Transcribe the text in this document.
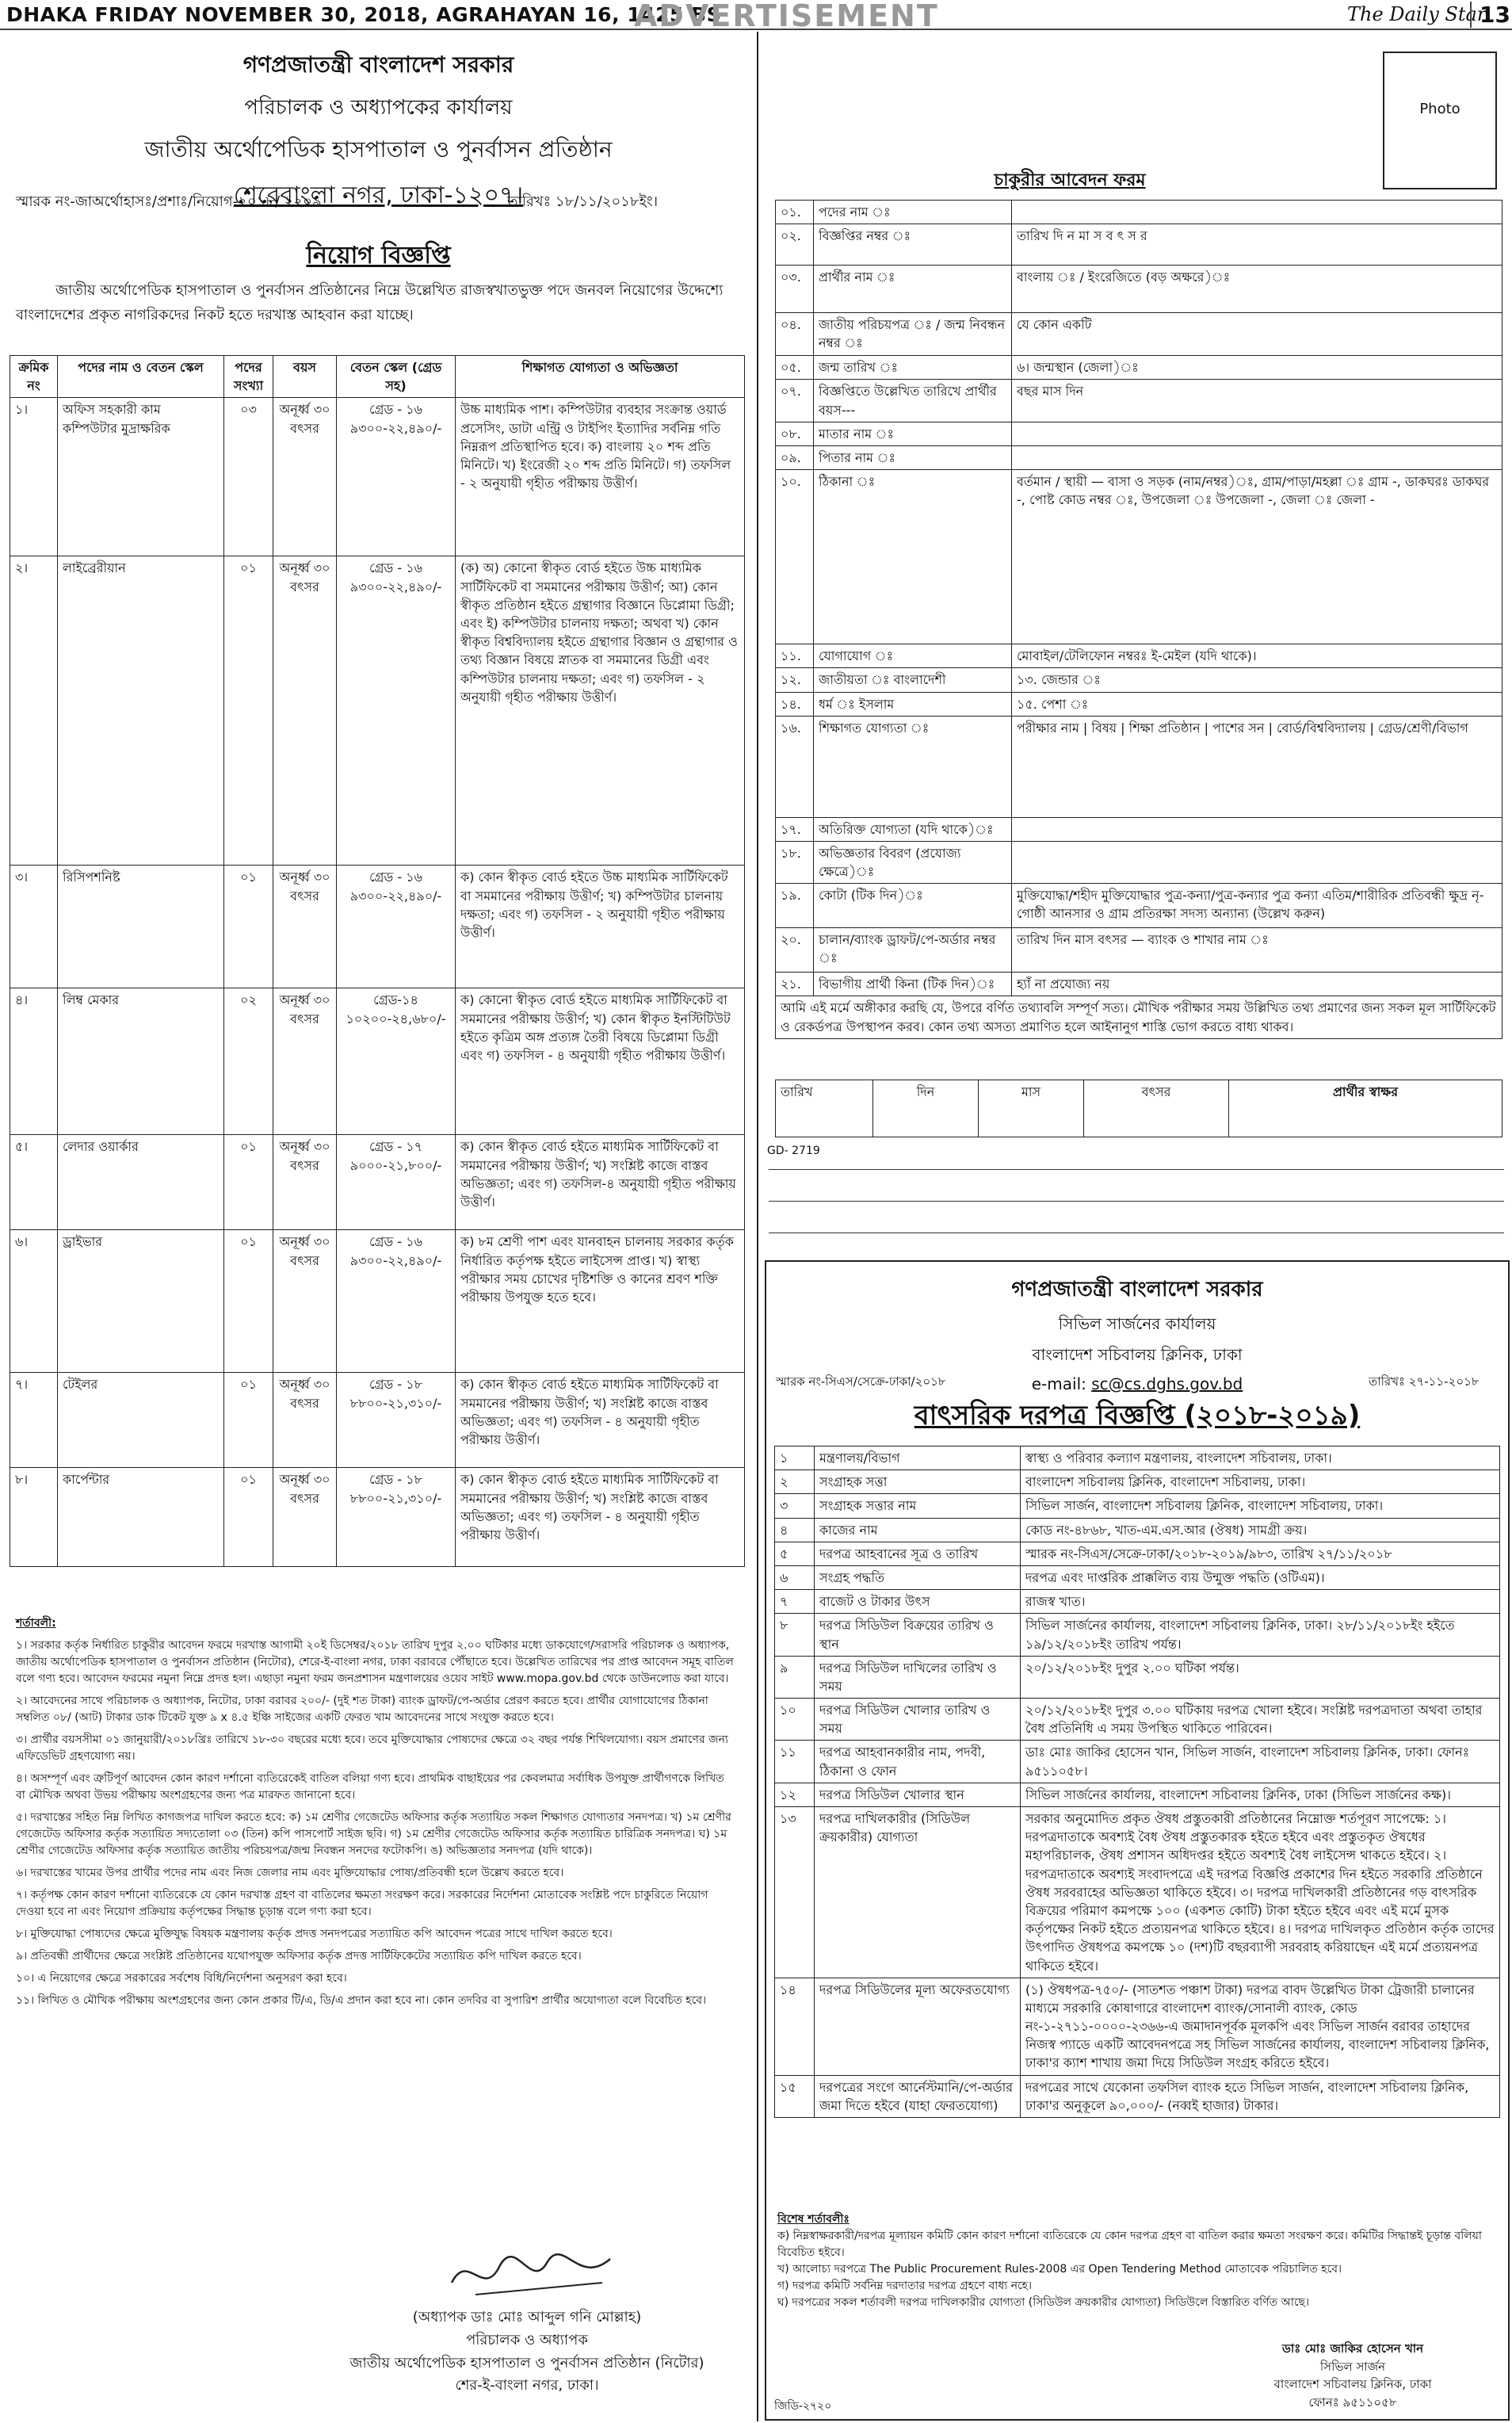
DHAKA FRIDAY NOVEMBER 30, 2018, AGRAHAYAN 16, 1425 BS
ADVERTISEMENT	The Daily Star
13
গণপ্রজাতন্ত্রী বাংলাদেশ সরকার
পরিচালক ও অধ্যাপকের কার্যালয়
জাতীয় অর্থোপেডিক হাসপাতাল ও পুনর্বাসন প্রতিষ্ঠান
শেরেবাংলা নগর, ঢাকা-১২০৭।
স্মারক নং-জাঅর্থোহাসঃ/প্রশাঃ/নিয়োগ-২০১৮/ ২২০৯	তারিখঃ ১৮/১১/২০১৮ইং।
নিয়োগ বিজ্ঞপ্তি
জাতীয় অর্থোপেডিক হাসপাতাল ও পুনর্বাসন প্রতিষ্ঠানের নিম্নে উল্লেখিত রাজস্বখাতভুক্ত পদে জনবল নিয়োগের উদ্দেশ্যে বাংলাদেশের প্রকৃত নাগরিকদের নিকট হতে দরখাস্ত আহবান করা যাচ্ছে।
ক্রমিক নং	পদের নাম ও বেতন স্কেল	পদের সংখ্যা	বয়স	বেতন স্কেল (গ্রেড সহ)	শিক্ষাগত যোগ্যতা ও অভিজ্ঞতা
১।	অফিস সহকারী কাম কম্পিউটার মুদ্রাক্ষরিক	০৩	অনূর্ধ্ব ৩০ বৎসর	গ্রেড - ১৬ ৯৩০০-২২,৪৯০/-	উচ্চ মাধ্যমিক পাশ। কম্পিউটার ব্যবহার সংক্রান্ত ওয়ার্ড প্রসেসিং, ডাটা এন্ট্রি ও টাইপিং ইত্যাদির সর্বনিম্ন গতি নিম্নরূপ প্রতিস্থাপিত হবে। ক) বাংলায় ২০ শব্দ প্রতি মিনিটে। খ) ইংরেজী ২০ শব্দ প্রতি মিনিটে। গ) তফসিল - ২ অনুযায়ী গৃহীত পরীক্ষায় উত্তীর্ণ।
২।	লাইব্রেরীয়ান	০১	অনূর্ধ্ব ৩০ বৎসর	গ্রেড - ১৬ ৯৩০০-২২,৪৯০/-	(ক) অ) কোনো স্বীকৃত বোর্ড হইতে উচ্চ মাধ্যমিক সার্টিফিকেট বা সমমানের পরীক্ষায় উত্তীর্ণ; আ) কোন স্বীকৃত প্রতিষ্ঠান হইতে গ্রন্থাগার বিজ্ঞানে ডিপ্লোমা ডিগ্রী; এবং ই) কম্পিউটার চালনায় দক্ষতা; অথবা খ) কোন স্বীকৃত বিশ্ববিদ্যালয় হইতে গ্রন্থাগার বিজ্ঞান ও গ্রন্থাগার ও তথ্য বিজ্ঞান বিষয়ে স্নাতক বা সমমানের ডিগ্রী এবং কম্পিউটার চালনায় দক্ষতা; এবং গ) তফসিল - ২ অনুযায়ী গৃহীত পরীক্ষায় উত্তীর্ণ।
৩।	রিসিপশনিষ্ট	০১	অনূর্ধ্ব ৩০ বৎসর	গ্রেড - ১৬ ৯৩০০-২২,৪৯০/-	ক) কোন স্বীকৃত বোর্ড হইতে উচ্চ মাধ্যমিক সার্টিফিকেট বা সমমানের পরীক্ষায় উত্তীর্ণ; খ) কম্পিউটার চালনায় দক্ষতা; এবং গ) তফসিল - ২ অনুযায়ী গৃহীত পরীক্ষায় উত্তীর্ণ।
৪।	লিম্ব মেকার	০২	অনূর্ধ্ব ৩০ বৎসর	গ্রেড-১৪ ১০২০০-২৪,৬৮০/-	ক) কোনো স্বীকৃত বোর্ড হইতে মাধ্যমিক সার্টিফিকেট বা সমমানের পরীক্ষায় উত্তীর্ণ; খ) কোন স্বীকৃত ইনস্টিটিউট হইতে কৃত্রিম অঙ্গ প্রত্যঙ্গ তৈরী বিষয়ে ডিপ্লোমা ডিগ্রী এবং গ) তফসিল - ৪ অনুযায়ী গৃহীত পরীক্ষায় উত্তীর্ণ।
৫।	লেদার ওয়ার্কার	০১	অনূর্ধ্ব ৩০ বৎসর	গ্রেড - ১৭ ৯০০০-২১,৮০০/-	ক) কোন স্বীকৃত বোর্ড হইতে মাধ্যমিক সার্টিফিকেট বা সমমানের পরীক্ষায় উত্তীর্ণ; খ) সংশ্লিষ্ট কাজে বাস্তব অভিজ্ঞতা; এবং গ) তফসিল-৪ অনুযায়ী গৃহীত পরীক্ষায় উত্তীর্ণ।
৬।	ড্রাইভার	০১	অনূর্ধ্ব ৩০ বৎসর	গ্রেড - ১৬ ৯৩০০-২২,৪৯০/-	ক) ৮ম শ্রেণী পাশ এবং যানবাহন চালনায় সরকার কর্তৃক নির্ধারিত কর্তৃপক্ষ হইতে লাইসেন্স প্রাপ্ত। খ) স্বাস্থ্য পরীক্ষার সময় চোখের দৃষ্টিশক্তি ও কানের শ্রবণ শক্তি পরীক্ষায় উপযুক্ত হতে হবে।
৭।	টেইলর	০১	অনূর্ধ্ব ৩০ বৎসর	গ্রেড - ১৮ ৮৮০০-২১,৩১০/-	ক) কোন স্বীকৃত বোর্ড হইতে মাধ্যমিক সার্টিফিকেট বা সমমানের পরীক্ষায় উত্তীর্ণ; খ) সংশ্লিষ্ট কাজে বাস্তব অভিজ্ঞতা; এবং গ) তফসিল - ৪ অনুযায়ী গৃহীত পরীক্ষায় উত্তীর্ণ।
৮।	কার্পেন্টার	০১	অনূর্ধ্ব ৩০ বৎসর	গ্রেড - ১৮ ৮৮০০-২১,৩১০/-	ক) কোন স্বীকৃত বোর্ড হইতে মাধ্যমিক সার্টিফিকেট বা সমমানের পরীক্ষায় উত্তীর্ণ; খ) সংশ্লিষ্ট কাজে বাস্তব অভিজ্ঞতা; এবং গ) তফসিল - ৪ অনুযায়ী গৃহীত পরীক্ষায় উত্তীর্ণ।
শর্তাবলী:
১। সরকার কর্তৃক নির্ধারিত চাকুরীর আবেদন ফরমে দরখাস্ত আগামী ২০ই ডিসেম্বর/২০১৮ তারিখ দুপুর ২.০০ ঘটিকার মধ্যে ডাকযোগে/সরাসরি পরিচালক ও অধ্যাপক, জাতীয় অর্থোপেডিক হাসপাতাল ও পুনর্বাসন প্রতিষ্ঠান (নিটোর), শেরে-ই-বাংলা নগর, ঢাকা বরাবরে পৌঁছাতে হবে। উল্লেখিত তারিখের পর প্রাপ্ত আবেদন সমূহ বাতিল বলে গণ্য হবে। আবেদন ফরমের নমুনা নিম্নে প্রদত্ত হল। এছাড়া নমুনা ফরম জনপ্রশাসন মন্ত্রণালয়ের ওয়েব সাইট www.mopa.gov.bd থেকে ডাউনলোড করা যাবে।
২। আবেদনের সাথে পরিচালক ও অধ্যাপক, নিটোর, ঢাকা বরাবর ২০০/- (দুই শত টাকা) ব্যাংক ড্রাফট/পে-অর্ডার প্রেরণ করতে হবে। প্রার্থীর যোগাযোগের ঠিকানা সম্বলিত ০৮/ (আট) টাকার ডাক টিকেট যুক্ত ৯ x ৪.৫ ইঞ্চি সাইজের একটি ফেরত খাম আবেদনের সাথে সংযুক্ত করতে হবে।
৩। প্রার্থীর বয়সসীমা ০১ জানুয়ারী/২০১৮খ্রিঃ তারিখে ১৮-৩০ বছরের মধ্যে হবে। তবে মুক্তিযোদ্ধার পোষ্যদের ক্ষেত্রে ৩২ বছর পর্যন্ত শিথিলযোগ্য। বয়স প্রমাণের জন্য এফিডেভিট গ্রহণযোগ্য নয়।
৪। অসম্পূর্ণ এবং ত্রুটিপূর্ণ আবেদন কোন কারণ দর্শানো ব্যতিরেকেই বাতিল বলিয়া গণ্য হবে। প্রাথমিক বাছাইয়ের পর কেবলমাত্র সর্বাধিক উপযুক্ত প্রার্থীগণকে লিখিত বা মৌখিক অথবা উভয় পরীক্ষায় অংশগ্রহণের জন্য পত্র মারফত জানানো হবে।
৫। দরখাস্তের সহিত নিম্ন লিখিত কাগজপত্র দাখিল করতে হবে: ক) ১ম শ্রেণীর গেজেটেড অফিসার কর্তৃক সত্যায়িত সকল শিক্ষাগত যোগ্যতার সনদপত্র। খ) ১ম শ্রেণীর গেজেটেড অফিসার কর্তৃক সত্যায়িত সদ্যতোলা ০৩ (তিন) কপি পাসপোর্ট সাইজ ছবি। গ) ১ম শ্রেণীর গেজেটেড অফিসার কর্তৃক সত্যায়িত চারিত্রিক সনদপত্র। ঘ) ১ম শ্রেণীর গেজেটেড অফিসার কর্তৃক সত্যায়িত জাতীয় পরিচয়পত্র/জন্ম নিবন্ধন সনদের ফটোকপি। ঙ) অভিজ্ঞতার সনদপত্র (যদি থাকে)।
৬। দরখাস্তের খামের উপর প্রার্থীর পদের নাম এবং নিজ জেলার নাম এবং মুক্তিযোদ্ধার পোষ্য/প্রতিবন্ধী হলে উল্লেখ করতে হবে।
৭। কর্তৃপক্ষ কোন কারণ দর্শানো ব্যতিরেকে যে কোন দরখাস্ত গ্রহণ বা বাতিলের ক্ষমতা সংরক্ষণ করে। সরকারের নির্দেশনা মোতাবেক সংশ্লিষ্ট পদে চাকুরিতে নিয়োগ দেওয়া হবে না এবং নিয়োগ প্রক্রিয়ায় কর্তৃপক্ষের সিদ্ধান্ত চূড়ান্ত বলে গণ্য করা হবে।
৮। মুক্তিযোদ্ধা পোষ্যদের ক্ষেত্রে মুক্তিযুদ্ধ বিষয়ক মন্ত্রণালয় কর্তৃক প্রদত্ত সনদপত্রের সত্যায়িত কপি আবেদন পত্রের সাথে দাখিল করতে হবে।
৯। প্রতিবন্ধী প্রার্থীদের ক্ষেত্রে সংশ্লিষ্ট প্রতিষ্ঠানের যথোপযুক্ত অফিসার কর্তৃক প্রদত্ত সার্টিফিকেটের সত্যায়িত কপি দাখিল করতে হবে।
১০। এ নিয়োগের ক্ষেত্রে সরকারের সর্বশেষ বিধি/নির্দেশনা অনুসরণ করা হবে।
১১। লিখিত ও মৌখিক পরীক্ষায় অংশগ্রহণের জন্য কোন প্রকার টি/এ, ডি/এ প্রদান করা হবে না। কোন তদবির বা সুপারিশ প্রার্থীর অযোগ্যতা বলে বিবেচিত হবে।
(অধ্যাপক ডাঃ মোঃ আব্দুল গনি মোল্লাহ)
পরিচালক ও অধ্যাপক
জাতীয় অর্থোপেডিক হাসপাতাল ও পুনর্বাসন প্রতিষ্ঠান (নিটোর)
শের-ই-বাংলা নগর, ঢাকা।
Photo
চাকুরীর আবেদন ফরম
০১.	পদের নাম ঃ	
০২.	বিজ্ঞপ্তির নম্বর ঃ	তারিখ দি ন মা স ব ৎ স র
০৩.	প্রার্থীর নাম ঃ	বাংলায় ঃ / ইংরেজিতে (বড় অক্ষরে)ঃ
০৪.	জাতীয় পরিচয়পত্র ঃ / জন্ম নিবন্ধন নম্বর ঃ	যে কোন একটি
০৫.	জন্ম তারিখ ঃ	৬। জন্মস্থান (জেলা)ঃ
০৭.	বিজ্ঞপ্তিতে উল্লেখিত তারিখে প্রার্থীর বয়স---	বছর মাস দিন
০৮.	মাতার নাম ঃ	
০৯.	পিতার নাম ঃ	
১০.	ঠিকানা ঃ	বর্তমান / স্থায়ী — বাসা ও সড়ক (নাম/নম্বর)ঃ, গ্রাম/পাড়া/মহল্লা ঃ গ্রাম -, ডাকঘরঃ ডাকঘর -, পোষ্ট কোড নম্বর ঃ, উপজেলা ঃ উপজেলা -, জেলা ঃ জেলা -
১১.	যোগাযোগ ঃ	মোবাইল/টেলিফোন নম্বরঃ ই-মেইল (যদি থাকে)।
১২.	জাতীয়তা ঃ বাংলাদেশী	১৩. জেন্ডার ঃ
১৪.	ধর্ম ঃ ইসলাম	১৫. পেশা ঃ
১৬.	শিক্ষাগত যোগ্যতা ঃ	পরীক্ষার নাম | বিষয় | শিক্ষা প্রতিষ্ঠান | পাশের সন | বোর্ড/বিশ্ববিদ্যালয় | গ্রেড/শ্রেণী/বিভাগ
১৭.	অতিরিক্ত যোগ্যতা (যদি থাকে)ঃ	
১৮.	অভিজ্ঞতার বিবরণ (প্রযোজ্য ক্ষেত্রে)ঃ	
১৯.	কোটা (টিক দিন)ঃ	মুক্তিযোদ্ধা/শহীদ মুক্তিযোদ্ধার পুত্র-কন্যা/পুত্র-কন্যার পুত্র কন্যা এতিম/শারীরিক প্রতিবন্ধী ক্ষুদ্র নৃ-গোষ্ঠী আনসার ও গ্রাম প্রতিরক্ষা সদস্য অন্যান্য (উল্লেখ করুন)
২০.	চালান/ব্যাংক ড্রাফট/পে-অর্ডার নম্বর ঃ	তারিখ দিন মাস বৎসর — ব্যাংক ও শাখার নাম ঃ
২১.	বিভাগীয় প্রার্থী কিনা (টিক দিন)ঃ	হ্যাঁ না প্রযোজ্য নয়
আমি এই মর্মে অঙ্গীকার করছি যে, উপরে বর্ণিত তথ্যাবলি সম্পূর্ণ সত্য। মৌখিক পরীক্ষার সময় উল্লিখিত তথ্য প্রমাণের জন্য সকল মূল সার্টিফিকেট ও রেকর্ডপত্র উপস্থাপন করব। কোন তথ্য অসত্য প্রমাণিত হলে আইনানুগ শাস্তি ভোগ করতে বাধ্য থাকব।		
তারিখ	দিন	মাস	বৎসর	প্রার্থীর স্বাক্ষর
GD- 2719
গণপ্রজাতন্ত্রী বাংলাদেশ সরকার
সিভিল সার্জনের কার্যালয়
বাংলাদেশ সচিবালয় ক্লিনিক, ঢাকা
e-mail: sc@cs.dghs.gov.bd
স্মারক নং-সিএস/সেক্রে-ঢাকা/২০১৮	তারিখঃ ২৭-১১-২০১৮
বাৎসরিক দরপত্র বিজ্ঞপ্তি (২০১৮-২০১৯)
১	মন্ত্রণালয়/বিভাগ	স্বাস্থ্য ও পরিবার কল্যাণ মন্ত্রণালয়, বাংলাদেশ সচিবালয়, ঢাকা।
২	সংগ্রাহক সত্তা	বাংলাদেশ সচিবালয় ক্লিনিক, বাংলাদেশ সচিবালয়, ঢাকা।
৩	সংগ্রাহক সত্তার নাম	সিভিল সার্জন, বাংলাদেশ সচিবালয় ক্লিনিক, বাংলাদেশ সচিবালয়, ঢাকা।
৪	কাজের নাম	কোড নং-৪৮৬৮, খাত-এম.এস.আর (ঔষধ) সামগ্রী ক্রয়।
৫	দরপত্র আহবানের সূত্র ও তারিখ	স্মারক নং-সিএস/সেক্রে-ঢাকা/২০১৮-২০১৯/৯৮৩, তারিখ ২৭/১১/২০১৮
৬	সংগ্রহ পদ্ধতি	দরপত্র এবং দাপ্তরিক প্রাক্কলিত ব্যয় উন্মুক্ত পদ্ধতি (ওটিএম)।
৭	বাজেট ও টাকার উৎস	রাজস্ব খাত।
৮	দরপত্র সিডিউল বিক্রয়ের তারিখ ও স্থান	সিভিল সার্জনের কার্যালয়, বাংলাদেশ সচিবালয় ক্লিনিক, ঢাকা। ২৮/১১/২০১৮ইং হইতে ১৯/১২/২০১৮ইং তারিখ পর্যন্ত।
৯	দরপত্র সিডিউল দাখিলের তারিখ ও সময়	২০/১২/২০১৮ইং দুপুর ২.০০ ঘটিকা পর্যন্ত।
১০	দরপত্র সিডিউল খোলার তারিখ ও সময়	২০/১২/২০১৮ইং দুপুর ৩.০০ ঘটিকায় দরপত্র খোলা হইবে। সংশ্লিষ্ট দরপত্রদাতা অথবা তাহার বৈধ প্রতিনিধি এ সময় উপস্থিত থাকিতে পারিবেন।
১১	দরপত্র আহবানকারীর নাম, পদবী, ঠিকানা ও ফোন	ডাঃ মোঃ জাকির হোসেন খান, সিভিল সার্জন, বাংলাদেশ সচিবালয় ক্লিনিক, ঢাকা। ফোনঃ ৯৫১১০৫৮।
১২	দরপত্র সিডিউল খোলার স্থান	সিভিল সার্জনের কার্যালয়, বাংলাদেশ সচিবালয় ক্লিনিক, ঢাকা (সিভিল সার্জনের কক্ষ)।
১৩	দরপত্র দাখিলকারীর (সিডিউল ক্রয়কারীর) যোগ্যতা	সরকার অনুমোদিত প্রকৃত ঔষধ প্রস্তুতকারী প্রতিষ্ঠানের নিম্নোক্ত শর্তপূরণ সাপেক্ষে: ১। দরপত্রদাতাকে অবশ্যই বৈধ ঔষধ প্রস্তুতকারক হইতে হইবে এবং প্রস্তুতকৃত ঔষধের মহাপরিচালক, ঔষধ প্রশাসন অধিদপ্তর হইতে অবশ্যই বৈধ লাইসেন্স থাকতে হইবে। ২। দরপত্রদাতাকে অবশ্যই সংবাদপত্রে এই দরপত্র বিজ্ঞপ্তি প্রকাশের দিন হইতে সরকারি প্রতিষ্ঠানে ঔষধ সরবরাহের অভিজ্ঞতা থাকিতে হইবে। ৩। দরপত্র দাখিলকারী প্রতিষ্ঠানের গড় বাৎসরিক বিক্রয়ের পরিমাণ কমপক্ষে ১০০ (একশত কোটি) টাকা হইতে হইবে এবং এই মর্মে মুসক কর্তৃপক্ষের নিকট হইতে প্রত্যয়নপত্র থাকিতে হইবে। ৪। দরপত্র দাখিলকৃত প্রতিষ্ঠান কর্তৃক তাদের উৎপাদিত ঔষধপত্র কমপক্ষে ১০ (দশ)টি বছরব্যাপী সরবরাহ করিয়াছেন এই মর্মে প্রত্যয়নপত্র থাকিতে হইবে।
১৪	দরপত্র সিডিউলের মূল্য অফেরতযোগ্য	(১) ঔষধপত্র-৭৫০/- (সাতশত পঞ্চাশ টাকা) দরপত্র বাবদ উল্লেখিত টাকা ট্রেজারী চালানের মাধ্যমে সরকারি কোষাগারে বাংলাদেশ ব্যাংক/সোনালী ব্যাংক, কোড নং-১-২৭১১-০০০০-২৩৬৬-এ জমাদানপূর্বক মূলকপি এবং সিভিল সার্জন বরাবর তাহাদের নিজস্ব প্যাডে একটি আবেদনপত্রে সহ সিভিল সার্জনের কার্যালয়, বাংলাদেশ সচিবালয় ক্লিনিক, ঢাকা'র ক্যাশ শাখায় জমা দিয়ে সিডিউল সংগ্রহ করিতে হইবে।
১৫	দরপত্রের সংগে আর্নেস্টমানি/পে-অর্ডার জমা দিতে হইবে (যাহা ফেরতযোগ্য)	দরপত্রের সাথে যেকোনা তফসিল ব্যাংক হতে সিভিল সার্জন, বাংলাদেশ সচিবালয় ক্লিনিক, ঢাকা'র অনুকূলে ৯০,০০০/- (নব্বই হাজার) টাকার।
বিশেষ শর্তাবলীঃ
ক) নিম্নস্বাক্ষরকারী/দরপত্র মূল্যায়ন কমিটি কোন কারণ দর্শানো ব্যতিরেকে যে কোন দরপত্র গ্রহণ বা বাতিল করার ক্ষমতা সংরক্ষণ করে। কমিটির সিদ্ধান্তই চূড়ান্ত বলিয়া বিবেচিত হইবে।
খ) আলোচ্য দরপত্রে The Public Procurement Rules-2008 এর Open Tendering Method মোতাবেক পরিচালিত হবে।
গ) দরপত্র কমিটি সর্বনিম্ন দরদাতার দরপত্র গ্রহণে বাধ্য নহে।
ঘ) দরপত্রের সকল শর্তাবলী দরপত্র দাখিলকারীর যোগ্যতা (সিডিউল ক্রয়কারীর যোগ্যতা) সিডিউলে বিস্তারিত বর্ণিত আছে।
ডাঃ মোঃ জাকির হোসেন খান
সিভিল সার্জন
বাংলাদেশ সচিবালয় ক্লিনিক, ঢাকা
ফোনঃ ৯৫১১০৫৮
জিডি-২৭২০
